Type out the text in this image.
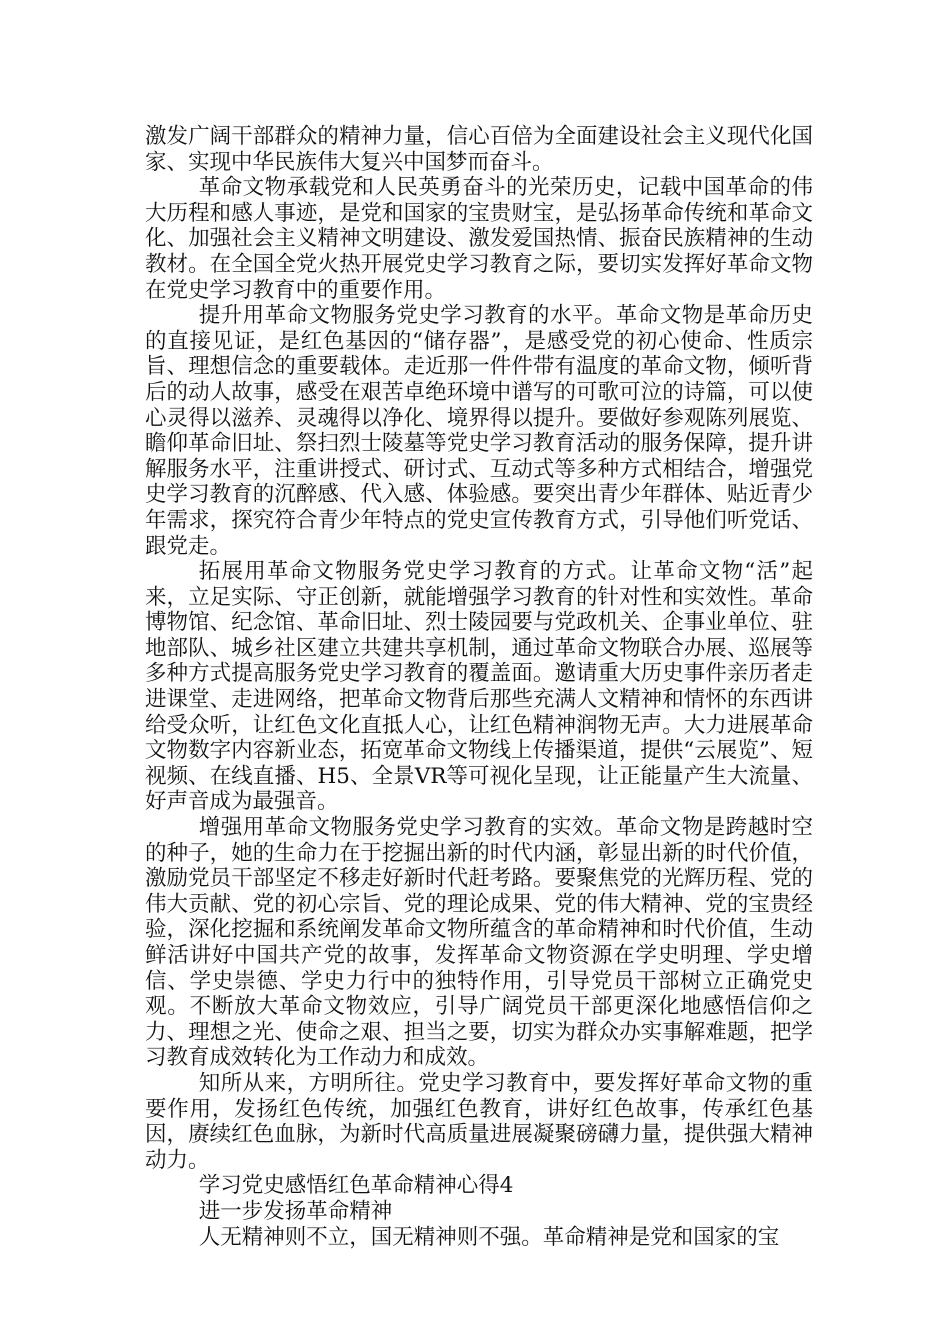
激发广阔干部群众的精神力量，信心百倍为全面建设社会主义现代化国家、实现中华民族伟大复兴中国梦而奋斗。

革命文物承载党和人民英勇奋斗的光荣历史，记载中国革命的伟大历程和感人事迹，是党和国家的宝贵财宝，是弘扬革命传统和革命文化、加强社会主义精神文明建设、激发爱国热情、振奋民族精神的生动教材。在全国全党火热开展党史学习教育之际，要切实发挥好革命文物在党史学习教育中的重要作用。

提升用革命文物服务党史学习教育的水平。革命文物是革命历史的直接见证，是红色基因的“储存器”，是感受党的初心使命、性质宗旨、理想信念的重要载体。走近那一件件带有温度的革命文物，倾听背后的动人故事，感受在艰苦卓绝环境中谱写的可歌可泣的诗篇，可以使心灵得以滋养、灵魂得以净化、境界得以提升。要做好参观陈列展览、瞻仰革命旧址、祭扫烈士陵墓等党史学习教育活动的服务保障，提升讲解服务水平，注重讲授式、研讨式、互动式等多种方式相结合，增强党史学习教育的沉醉感、代入感、体验感。要突出青少年群体、贴近青少年需求，探究符合青少年特点的党史宣传教育方式，引导他们听党话、跟党走。

拓展用革命文物服务党史学习教育的方式。让革命文物“活”起来，立足实际、守正创新，就能增强学习教育的针对性和实效性。革命博物馆、纪念馆、革命旧址、烈士陵园要与党政机关、企事业单位、驻地部队、城乡社区建立共建共享机制，通过革命文物联合办展、巡展等多种方式提高服务党史学习教育的覆盖面。邀请重大历史事件亲历者走进课堂、走进网络，把革命文物背后那些充满人文精神和情怀的东西讲给受众听，让红色文化直抵人心，让红色精神润物无声。大力进展革命文物数字内容新业态，拓宽革命文物线上传播渠道，提供“云展览”、短视频、在线直播、H5、全景VR等可视化呈现，让正能量产生大流量、好声音成为最强音。

增强用革命文物服务党史学习教育的实效。革命文物是跨越时空的种子，她的生命力在于挖掘出新的时代内涵，彰显出新的时代价值，激励党员干部坚定不移走好新时代赶考路。要聚焦党的光辉历程、党的伟大贡献、党的初心宗旨、党的理论成果、党的伟大精神、党的宝贵经验，深化挖掘和系统阐发革命文物所蕴含的革命精神和时代价值，生动鲜活讲好中国共产党的故事，发挥革命文物资源在学史明理、学史增信、学史崇德、学史力行中的独特作用，引导党员干部树立正确党史观。不断放大革命文物效应，引导广阔党员干部更深化地感悟信仰之力、理想之光、使命之艰、担当之要，切实为群众办实事解难题，把学习教育成效转化为工作动力和成效。

知所从来，方明所往。党史学习教育中，要发挥好革命文物的重要作用，发扬红色传统，加强红色教育，讲好红色故事，传承红色基因，赓续红色血脉，为新时代高质量进展凝聚磅礴力量，提供强大精神动力。

学习党史感悟红色革命精神心得4

进一步发扬革命精神

人无精神则不立，国无精神则不强。革命精神是党和国家的宝
